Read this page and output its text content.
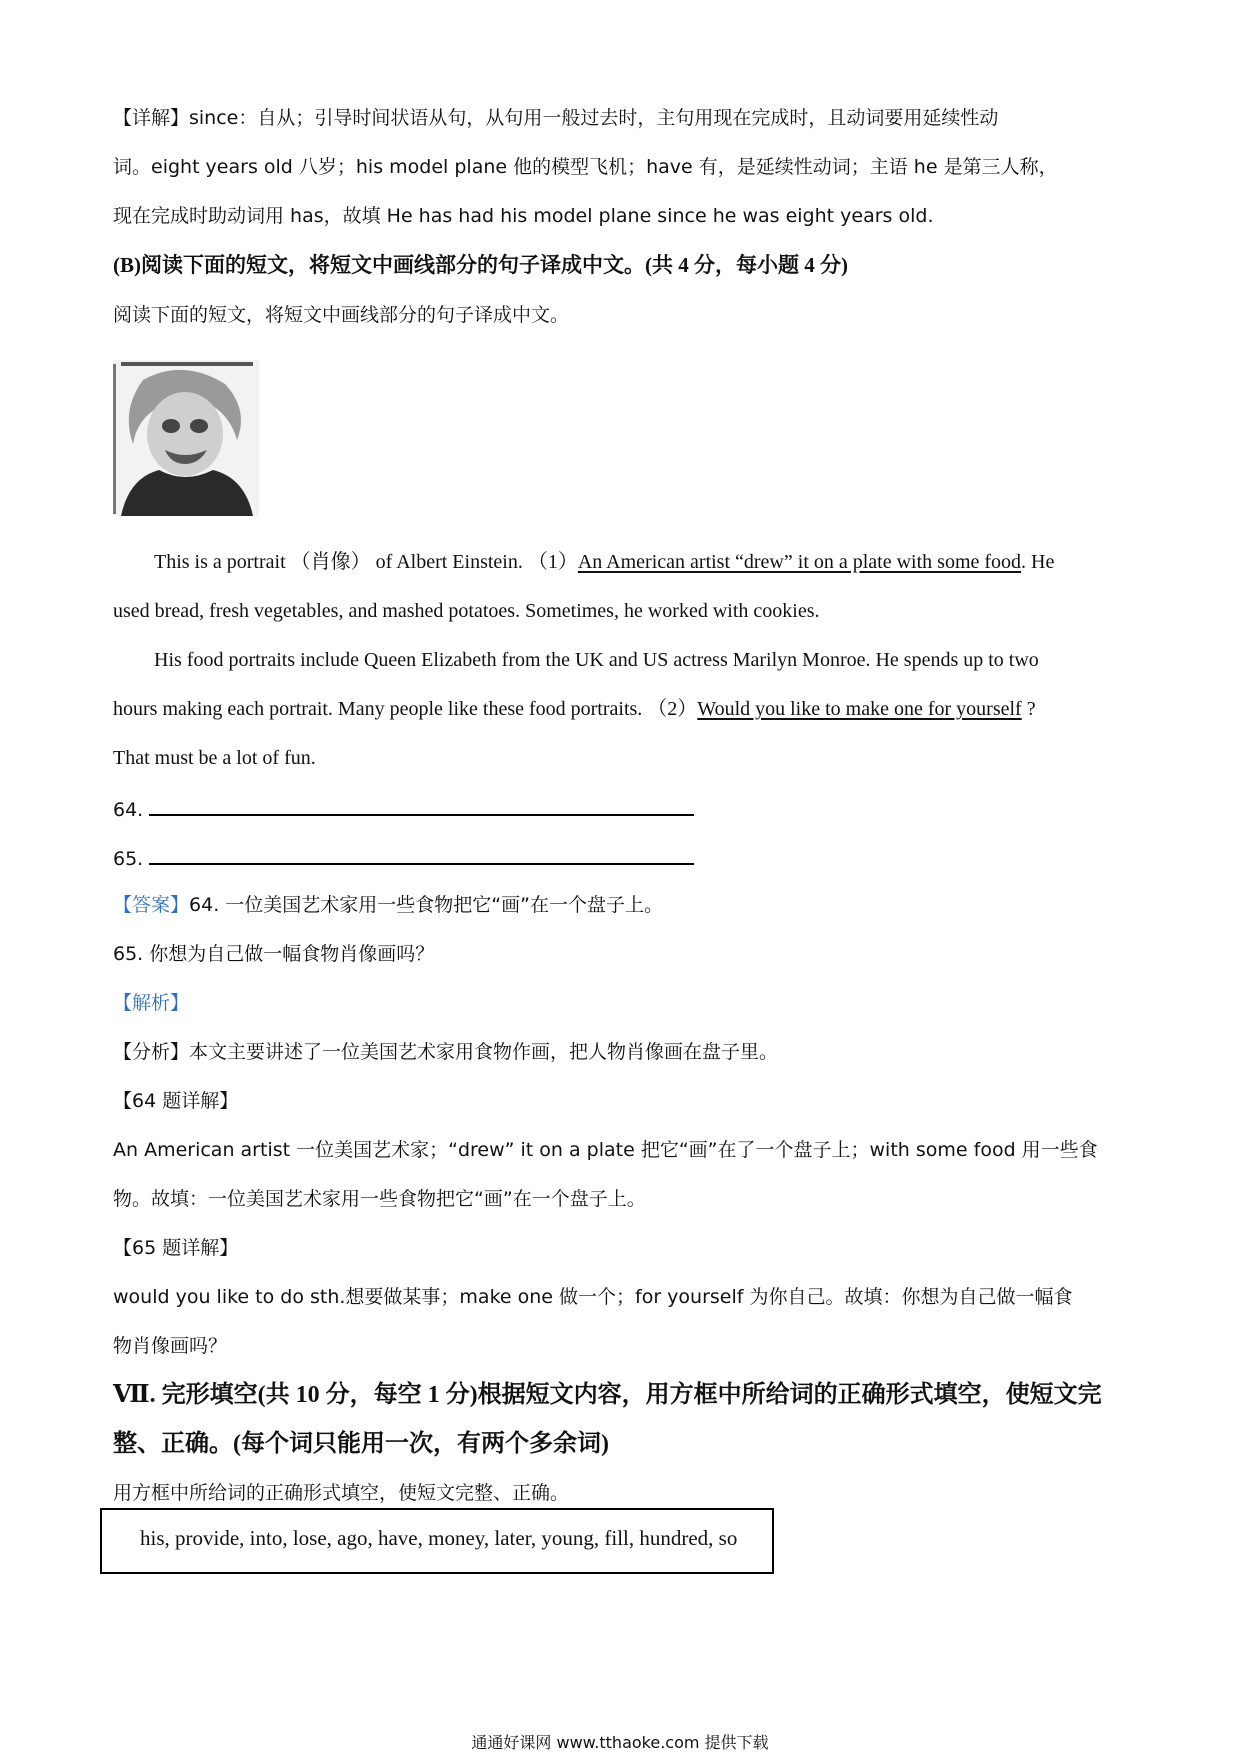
【详解】since：自从；引导时间状语从句，从句用一般过去时，主句用现在完成时，且动词要用延续性动
词。eight years old 八岁；his model plane 他的模型飞机；have 有，是延续性动词；主语 he 是第三人称，
现在完成时助动词用 has，故填 He has had his model plane since he was eight years old.
(B)阅读下面的短文，将短文中画线部分的句子译成中文。(共 4 分，每小题 4 分)
阅读下面的短文，将短文中画线部分的句子译成中文。
This is a portrait （肖像） of Albert Einstein. （1）An American artist “drew” it on a plate with some food. He
used bread, fresh vegetables, and mashed potatoes. Sometimes, he worked with cookies.
His food portraits include Queen Elizabeth from the UK and US actress Marilyn Monroe. He spends up to two
hours making each portrait. Many people like these food portraits. （2）Would you like to make one for yourself ?
That must be a lot of fun.
64.
65.
【答案】64. 一位美国艺术家用一些食物把它“画”在一个盘子上。
65. 你想为自己做一幅食物肖像画吗？
【解析】
【分析】本文主要讲述了一位美国艺术家用食物作画，把人物肖像画在盘子里。
【64 题详解】
An American artist 一位美国艺术家；“drew” it on a plate 把它“画”在了一个盘子上；with some food 用一些食
物。故填：一位美国艺术家用一些食物把它“画”在一个盘子上。
【65 题详解】
would you like to do sth.想要做某事；make one 做一个；for yourself 为你自己。故填：你想为自己做一幅食
物肖像画吗？
Ⅶ. 完形填空(共 10 分，每空 1 分)根据短文内容，用方框中所给词的正确形式填空，使短文完
整、正确。(每个词只能用一次，有两个多余词)
用方框中所给词的正确形式填空，使短文完整、正确。
his, provide, into, lose, ago, have, money, later, young, fill, hundred, so
通通好课网 www.tthaoke.com 提供下载
